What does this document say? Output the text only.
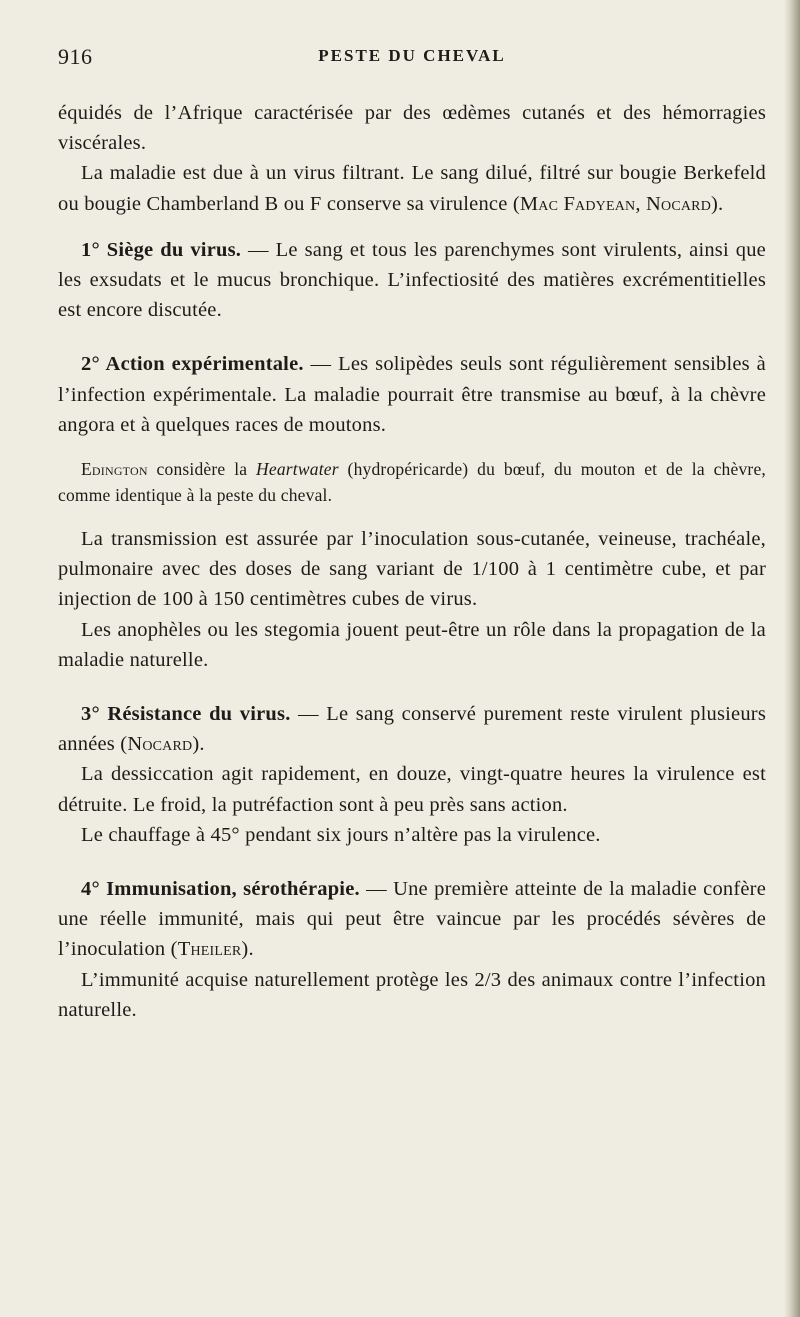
916	PESTE DU CHEVAL

équidés de l’Afrique caractérisée par des œdèmes cutanés et des hémorragies viscérales.

La maladie est due à un virus filtrant. Le sang dilué, filtré sur bougie Berkefeld ou bougie Chamberland B ou F conserve sa virulence (Mac Fadyean, Nocard).

1° Siège du virus. — Le sang et tous les parenchymes sont virulents, ainsi que les exsudats et le mucus bronchique. L’infectiosité des matières excrémentitielles est encore discutée.

2° Action expérimentale. — Les solipèdes seuls sont régulièrement sensibles à l’infection expérimentale. La maladie pourrait être transmise au bœuf, à la chèvre angora et à quelques races de moutons.

Edington considère la Heartwater (hydropéricarde) du bœuf, du mouton et de la chèvre, comme identique à la peste du cheval.

La transmission est assurée par l’inoculation sous-cutanée, veineuse, trachéale, pulmonaire avec des doses de sang variant de 1/100 à 1 centimètre cube, et par injection de 100 à 150 centimètres cubes de virus.

Les anophèles ou les stegomia jouent peut-être un rôle dans la propagation de la maladie naturelle.

3° Résistance du virus. — Le sang conservé purement reste virulent plusieurs années (Nocard).

La dessiccation agit rapidement, en douze, vingt-quatre heures la virulence est détruite. Le froid, la putréfaction sont à peu près sans action.

Le chauffage à 45° pendant six jours n’altère pas la virulence.

4° Immunisation, sérothérapie. — Une première atteinte de la maladie confère une réelle immunité, mais qui peut être vaincue par les procédés sévères de l’inoculation (Theiler).

L’immunité acquise naturellement protège les 2/3 des animaux contre l’infection naturelle.
